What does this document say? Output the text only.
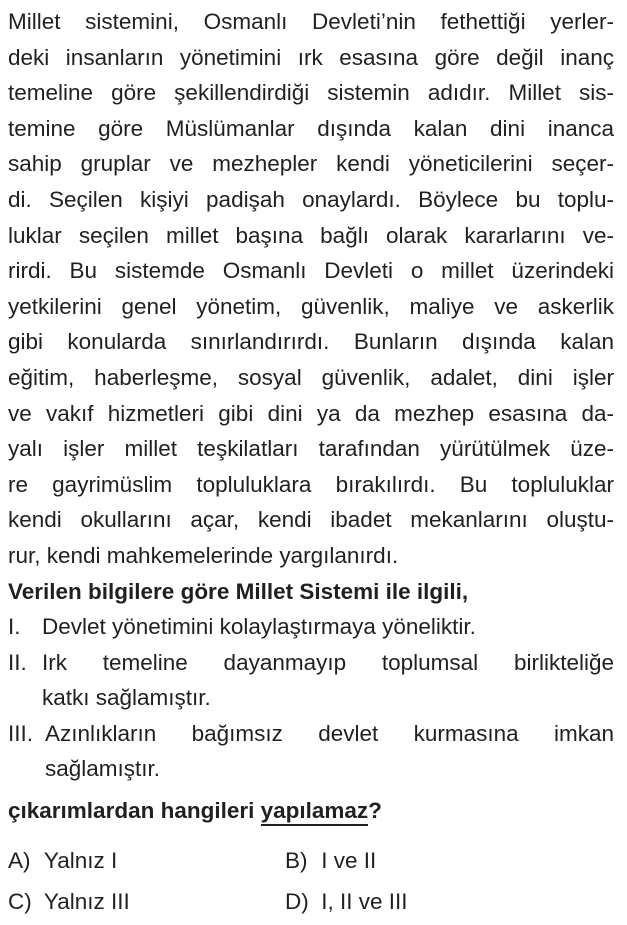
Millet sistemini, Osmanlı Devleti’nin fethettiği yerler-
deki insanların yönetimini ırk esasına göre değil inanç
temeline göre şekillendirdiği sistemin adıdır. Millet sis-
temine göre Müslümanlar dışında kalan dini inanca
sahip gruplar ve mezhepler kendi yöneticilerini seçer-
di. Seçilen kişiyi padişah onaylardı. Böylece bu toplu-
luklar seçilen millet başına bağlı olarak kararlarını ve-
rirdi. Bu sistemde Osmanlı Devleti o millet üzerindeki
yetkilerini genel yönetim, güvenlik, maliye ve askerlik
gibi konularda sınırlandırırdı. Bunların dışında kalan
eğitim, haberleşme, sosyal güvenlik, adalet, dini işler
ve vakıf hizmetleri gibi dini ya da mezhep esasına da-
yalı işler millet teşkilatları tarafından yürütülmek üze-
re gayrimüslim topluluklara bırakılırdı. Bu topluluklar
kendi okullarını açar, kendi ibadet mekanlarını oluştu-
rur, kendi mahkemelerinde yargılanırdı.
Verilen bilgilere göre Millet Sistemi ile ilgili,
I. Devlet yönetimini kolaylaştırmaya yöneliktir.
II. Irk temeline dayanmayıp toplumsal birlikteliğe
katkı sağlamıştır.
III. Azınlıkların bağımsız devlet kurmasına imkan
sağlamıştır.
çıkarımlardan hangileri yapılamaz?
A) Yalnız I	B) I ve II
C) Yalnız III	D) I, II ve III
